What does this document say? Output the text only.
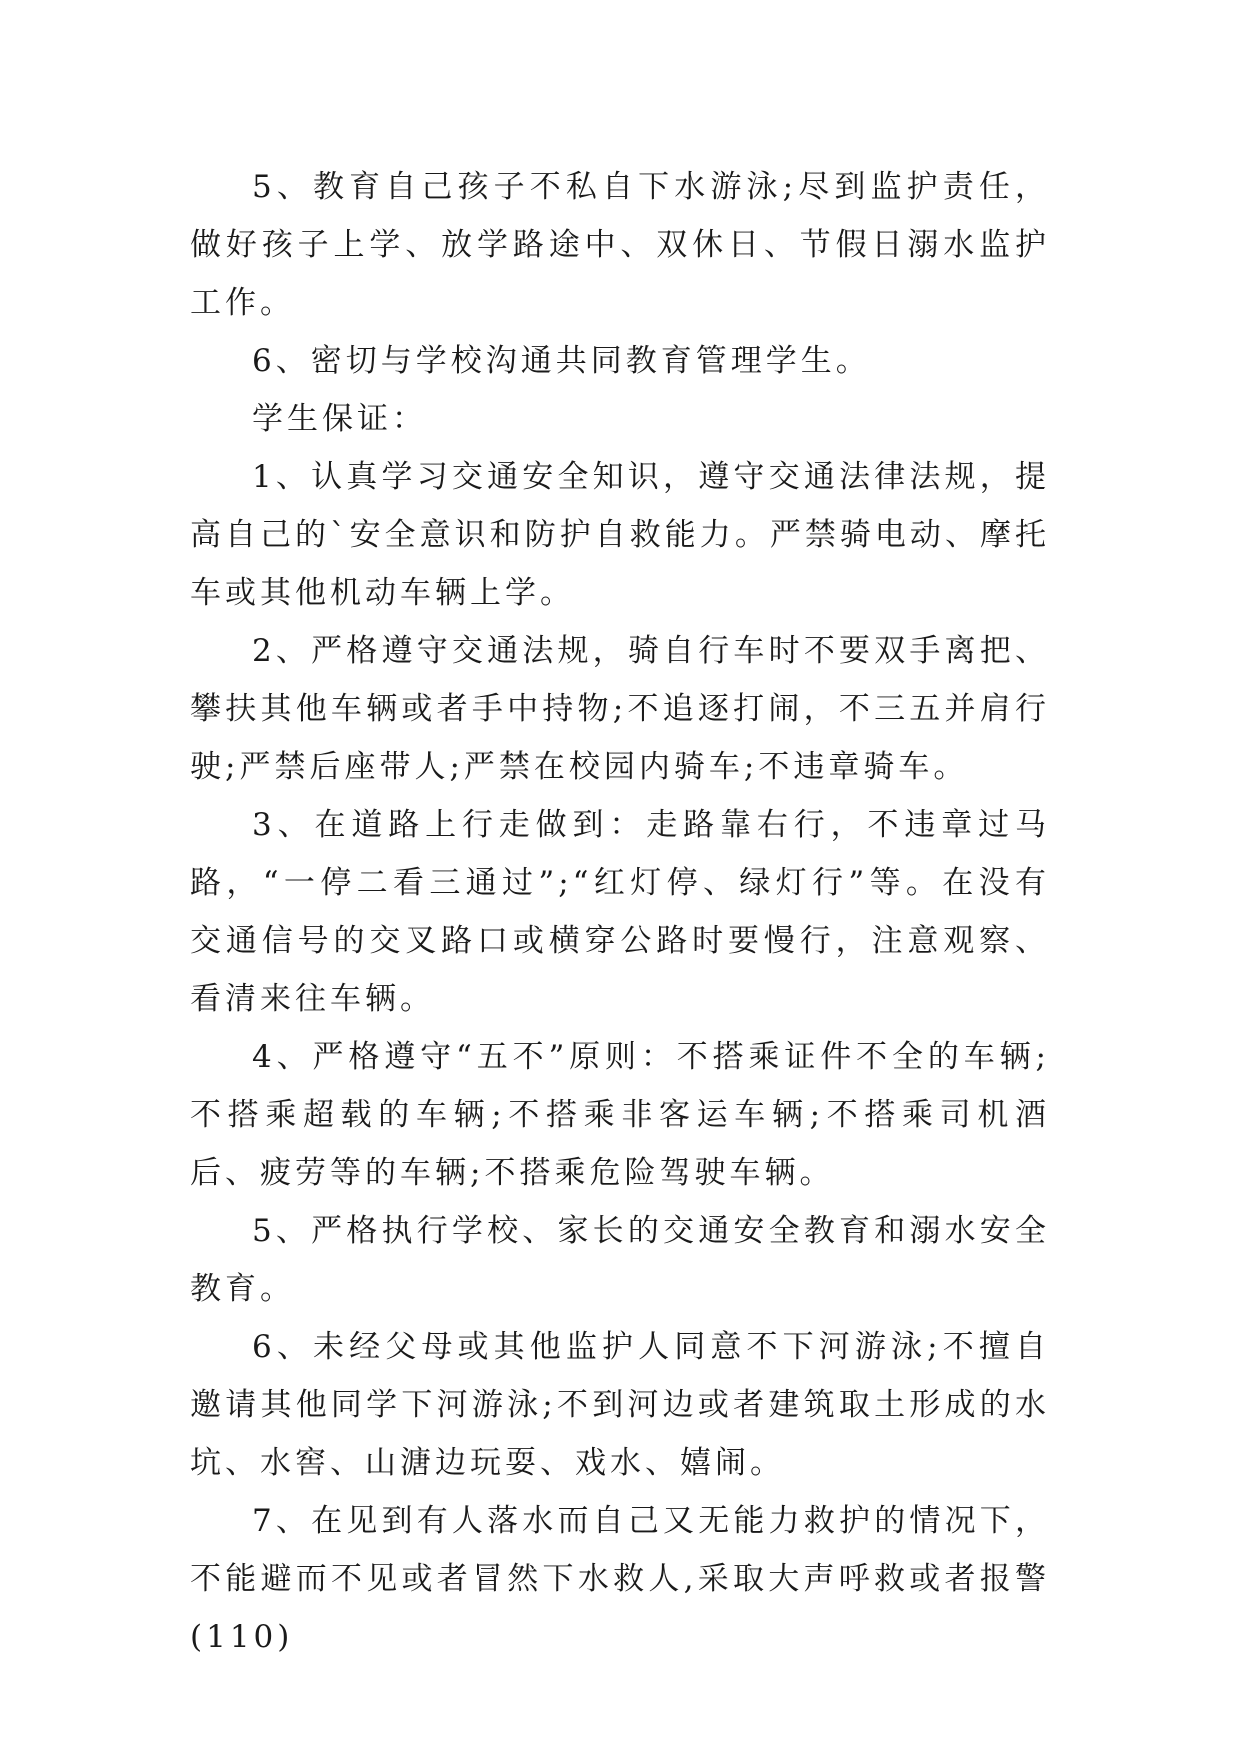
5、教育自己孩子不私自下水游泳;尽到监护责任，做好孩子上学、放学路途中、双休日、节假日溺水监护工作。

6、密切与学校沟通共同教育管理学生。

学生保证：

1、认真学习交通安全知识，遵守交通法律法规，提高自己的`安全意识和防护自救能力。严禁骑电动、摩托车或其他机动车辆上学。

2、严格遵守交通法规，骑自行车时不要双手离把、攀扶其他车辆或者手中持物;不追逐打闹，不三五并肩行驶;严禁后座带人;严禁在校园内骑车;不违章骑车。

3、在道路上行走做到：走路靠右行，不违章过马路，“一停二看三通过”;“红灯停、绿灯行”等。在没有交通信号的交叉路口或横穿公路时要慢行，注意观察、看清来往车辆。

4、严格遵守“五不”原则：不搭乘证件不全的车辆;不搭乘超载的车辆;不搭乘非客运车辆;不搭乘司机酒后、疲劳等的车辆;不搭乘危险驾驶车辆。

5、严格执行学校、家长的交通安全教育和溺水安全教育。

6、未经父母或其他监护人同意不下河游泳;不擅自邀请其他同学下河游泳;不到河边或者建筑取土形成的水坑、水窖、山溏边玩耍、戏水、嬉闹。

7、在见到有人落水而自己又无能力救护的情况下，不能避而不见或者冒然下水救人,采取大声呼救或者报警(110)
